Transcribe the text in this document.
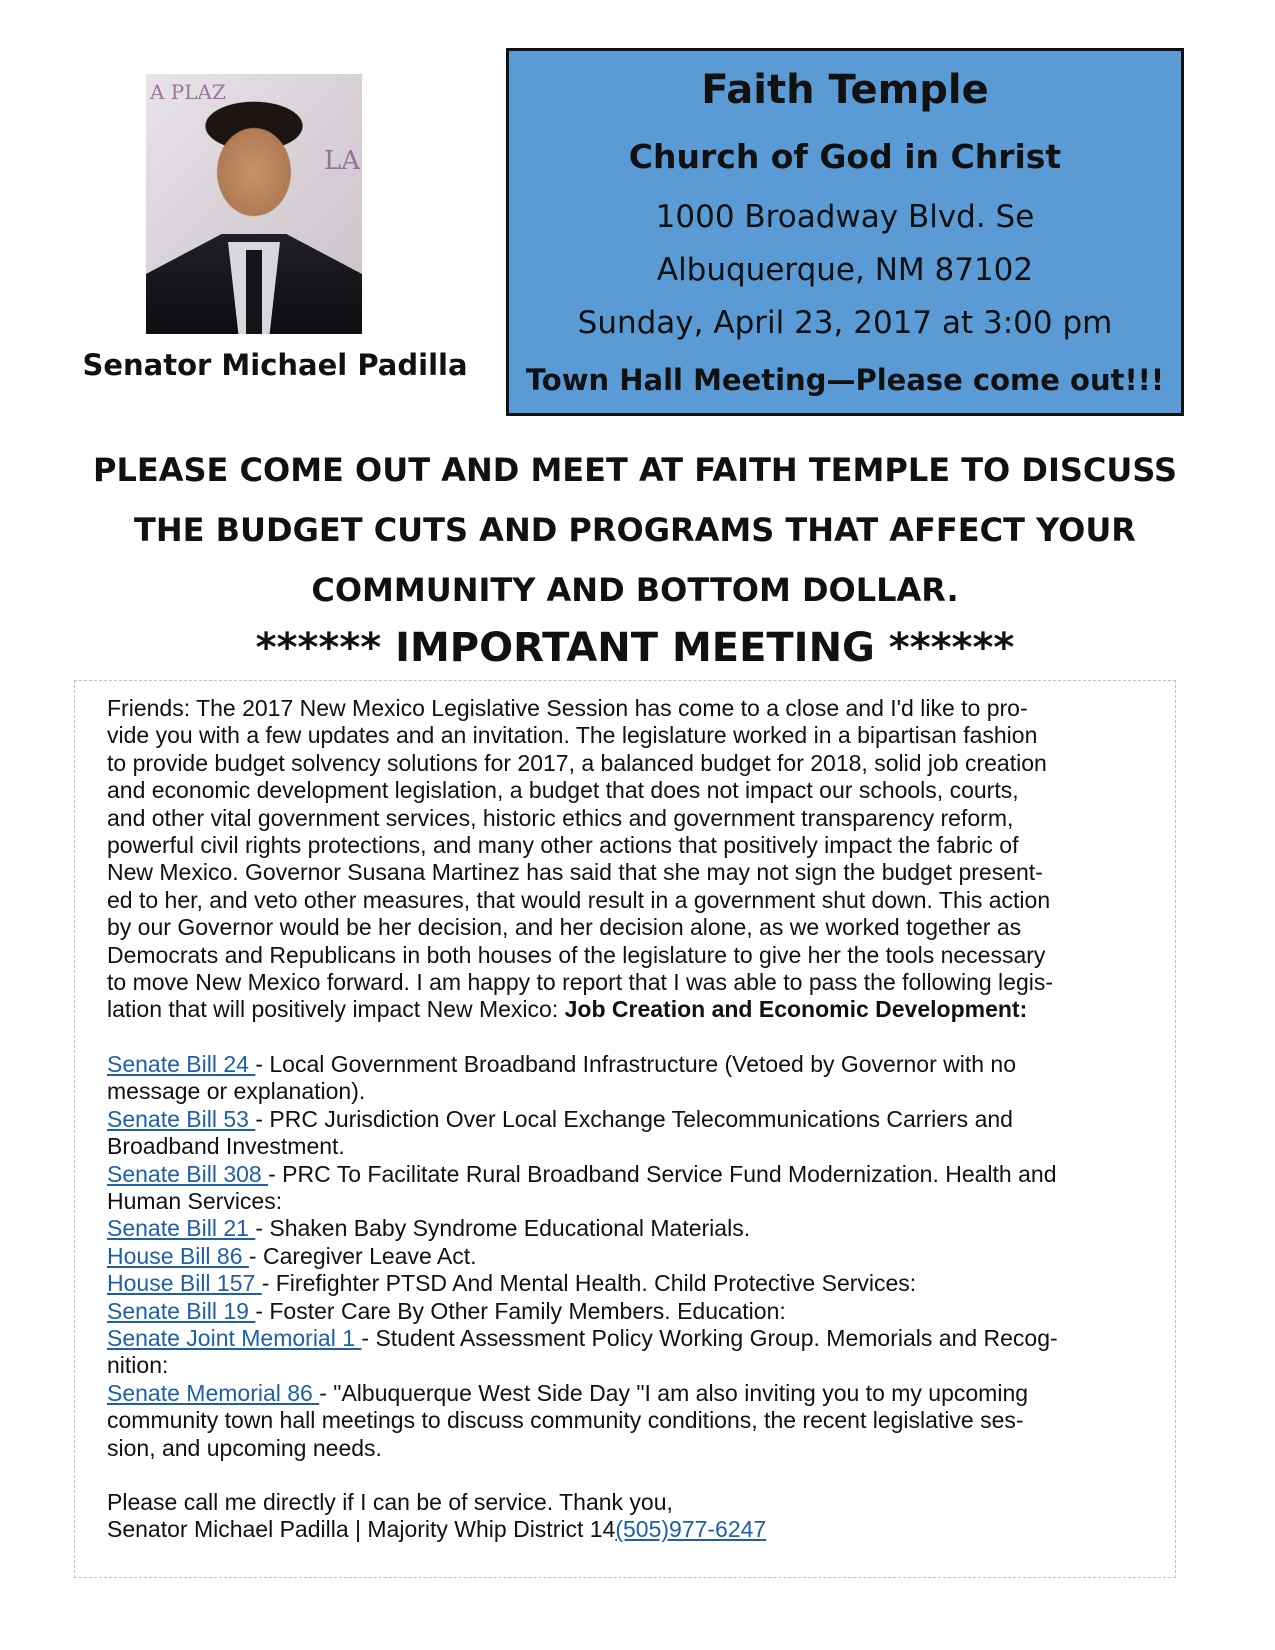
A PLAZ
LA
Senator Michael Padilla
Faith Temple
Church of God in Christ
1000 Broadway Blvd. Se
Albuquerque, NM 87102
Sunday, April 23, 2017 at 3:00 pm
Town Hall Meeting—Please come out!!!
PLEASE COME OUT AND MEET AT FAITH TEMPLE TO DISCUSS
THE BUDGET CUTS AND PROGRAMS THAT AFFECT YOUR
COMMUNITY AND BOTTOM DOLLAR.
****** IMPORTANT MEETING ******

Friends: The 2017 New Mexico Legislative Session has come to a close and I'd like to pro-

vide you with a few updates and an invitation. The legislature worked in a bipartisan fashion

to provide budget solvency solutions for 2017, a balanced budget for 2018, solid job creation

and economic development legislation, a budget that does not impact our schools, courts,

and other vital government services, historic ethics and government transparency reform,

powerful civil rights protections, and many other actions that positively impact the fabric of

New Mexico. Governor Susana Martinez has said that she may not sign the budget present-

ed to her, and veto other measures, that would result in a government shut down. This action

by our Governor would be her decision, and her decision alone, as we worked together as

Democrats and Republicans in both houses of the legislature to give her the tools necessary

to move New Mexico forward. I am happy to report that I was able to pass the following legis-

lation that will positively impact New Mexico: Job Creation and Economic Development:

Senate Bill 24 - Local Government Broadband Infrastructure (Vetoed by Governor with no

message or explanation).

Senate Bill 53 - PRC Jurisdiction Over Local Exchange Telecommunications Carriers and

Broadband Investment.

Senate Bill 308 - PRC To Facilitate Rural Broadband Service Fund Modernization. Health and

Human Services:

Senate Bill 21 - Shaken Baby Syndrome Educational Materials.

House Bill 86 - Caregiver Leave Act.

House Bill 157 - Firefighter PTSD And Mental Health. Child Protective Services:

Senate Bill 19 - Foster Care By Other Family Members. Education:

Senate Joint Memorial 1 - Student Assessment Policy Working Group. Memorials and Recog-

nition:

Senate Memorial 86 - "Albuquerque West Side Day "I am also inviting you to my upcoming

community town hall meetings to discuss community conditions, the recent legislative ses-

sion, and upcoming needs.

Please call me directly if I can be of service. Thank you,

Senator Michael Padilla | Majority Whip District 14(505)977-6247
